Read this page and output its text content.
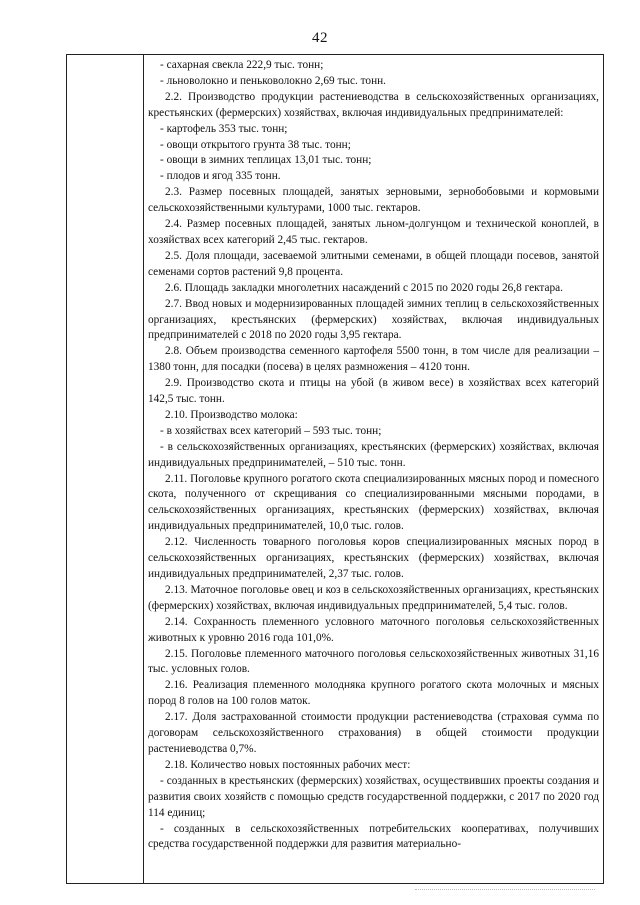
42

- сахарная свекла 222,9 тыс. тонн;

- льноволокно и пеньковолокно 2,69 тыс. тонн.

2.2. Производство продукции растениеводства в сельскохозяйственных организациях, крестьянских (фермерских) хозяйствах, включая индивидуальных предпринимателей:

- картофель 353 тыс. тонн;

- овощи открытого грунта 38 тыс. тонн;

- овощи в зимних теплицах 13,01 тыс. тонн;

- плодов и ягод 335 тонн.

2.3. Размер посевных площадей, занятых зерновыми, зернобобовыми и кормовыми сельскохозяйственными культурами, 1000 тыс. гектаров.

2.4. Размер посевных площадей, занятых льном-долгунцом и технической коноплей, в хозяйствах всех категорий 2,45 тыс. гектаров.

2.5. Доля площади, засеваемой элитными семенами, в общей площади посевов, занятой семенами сортов растений 9,8 процента.

2.6. Площадь закладки многолетних насаждений с 2015 по 2020 годы 26,8 гектара.

2.7. Ввод новых и модернизированных площадей зимних теплиц в сельскохозяйственных организациях, крестьянских (фермерских) хозяйствах, включая индивидуальных предпринимателей с 2018 по 2020 годы 3,95 гектара.

2.8. Объем производства семенного картофеля 5500 тонн, в том числе для реализации – 1380 тонн, для посадки (посева) в целях размножения – 4120 тонн.

2.9. Производство скота и птицы на убой (в живом весе) в хозяйствах всех категорий 142,5 тыс. тонн.

2.10. Производство молока:

- в хозяйствах всех категорий – 593 тыс. тонн;

- в сельскохозяйственных организациях, крестьянских (фермерских) хозяйствах, включая индивидуальных предпринимателей, – 510 тыс. тонн.

2.11. Поголовье крупного рогатого скота специализированных мясных пород и помесного скота, полученного от скрещивания со специализированными мясными породами, в сельскохозяйственных организациях, крестьянских (фермерских) хозяйствах, включая индивидуальных предпринимателей, 10,0 тыс. голов.

2.12. Численность товарного поголовья коров специализированных мясных пород в сельскохозяйственных организациях, крестьянских (фермерских) хозяйствах, включая индивидуальных предпринимателей, 2,37 тыс. голов.

2.13. Маточное поголовье овец и коз в сельскохозяйственных организациях, крестьянских (фермерских) хозяйствах, включая индивидуальных предпринимателей, 5,4 тыс. голов.

2.14. Сохранность племенного условного маточного поголовья сельскохозяйственных животных к уровню 2016 года 101,0%.

2.15. Поголовье племенного маточного поголовья сельскохозяйственных животных 31,16 тыс. условных голов.

2.16. Реализация племенного молодняка крупного рогатого скота молочных и мясных пород 8 голов на 100 голов маток.

2.17. Доля застрахованной стоимости продукции растениеводства (страховая сумма по договорам сельскохозяйственного страхования) в общей стоимости продукции растениеводства 0,7%.

2.18. Количество новых постоянных рабочих мест:

- созданных в крестьянских (фермерских) хозяйствах, осуществивших проекты создания и развития своих хозяйств с помощью средств государственной поддержки, с 2017 по 2020 год 114 единиц;

- созданных в сельскохозяйственных потребительских кооперативах, получивших средства государственной поддержки для развития материально-
